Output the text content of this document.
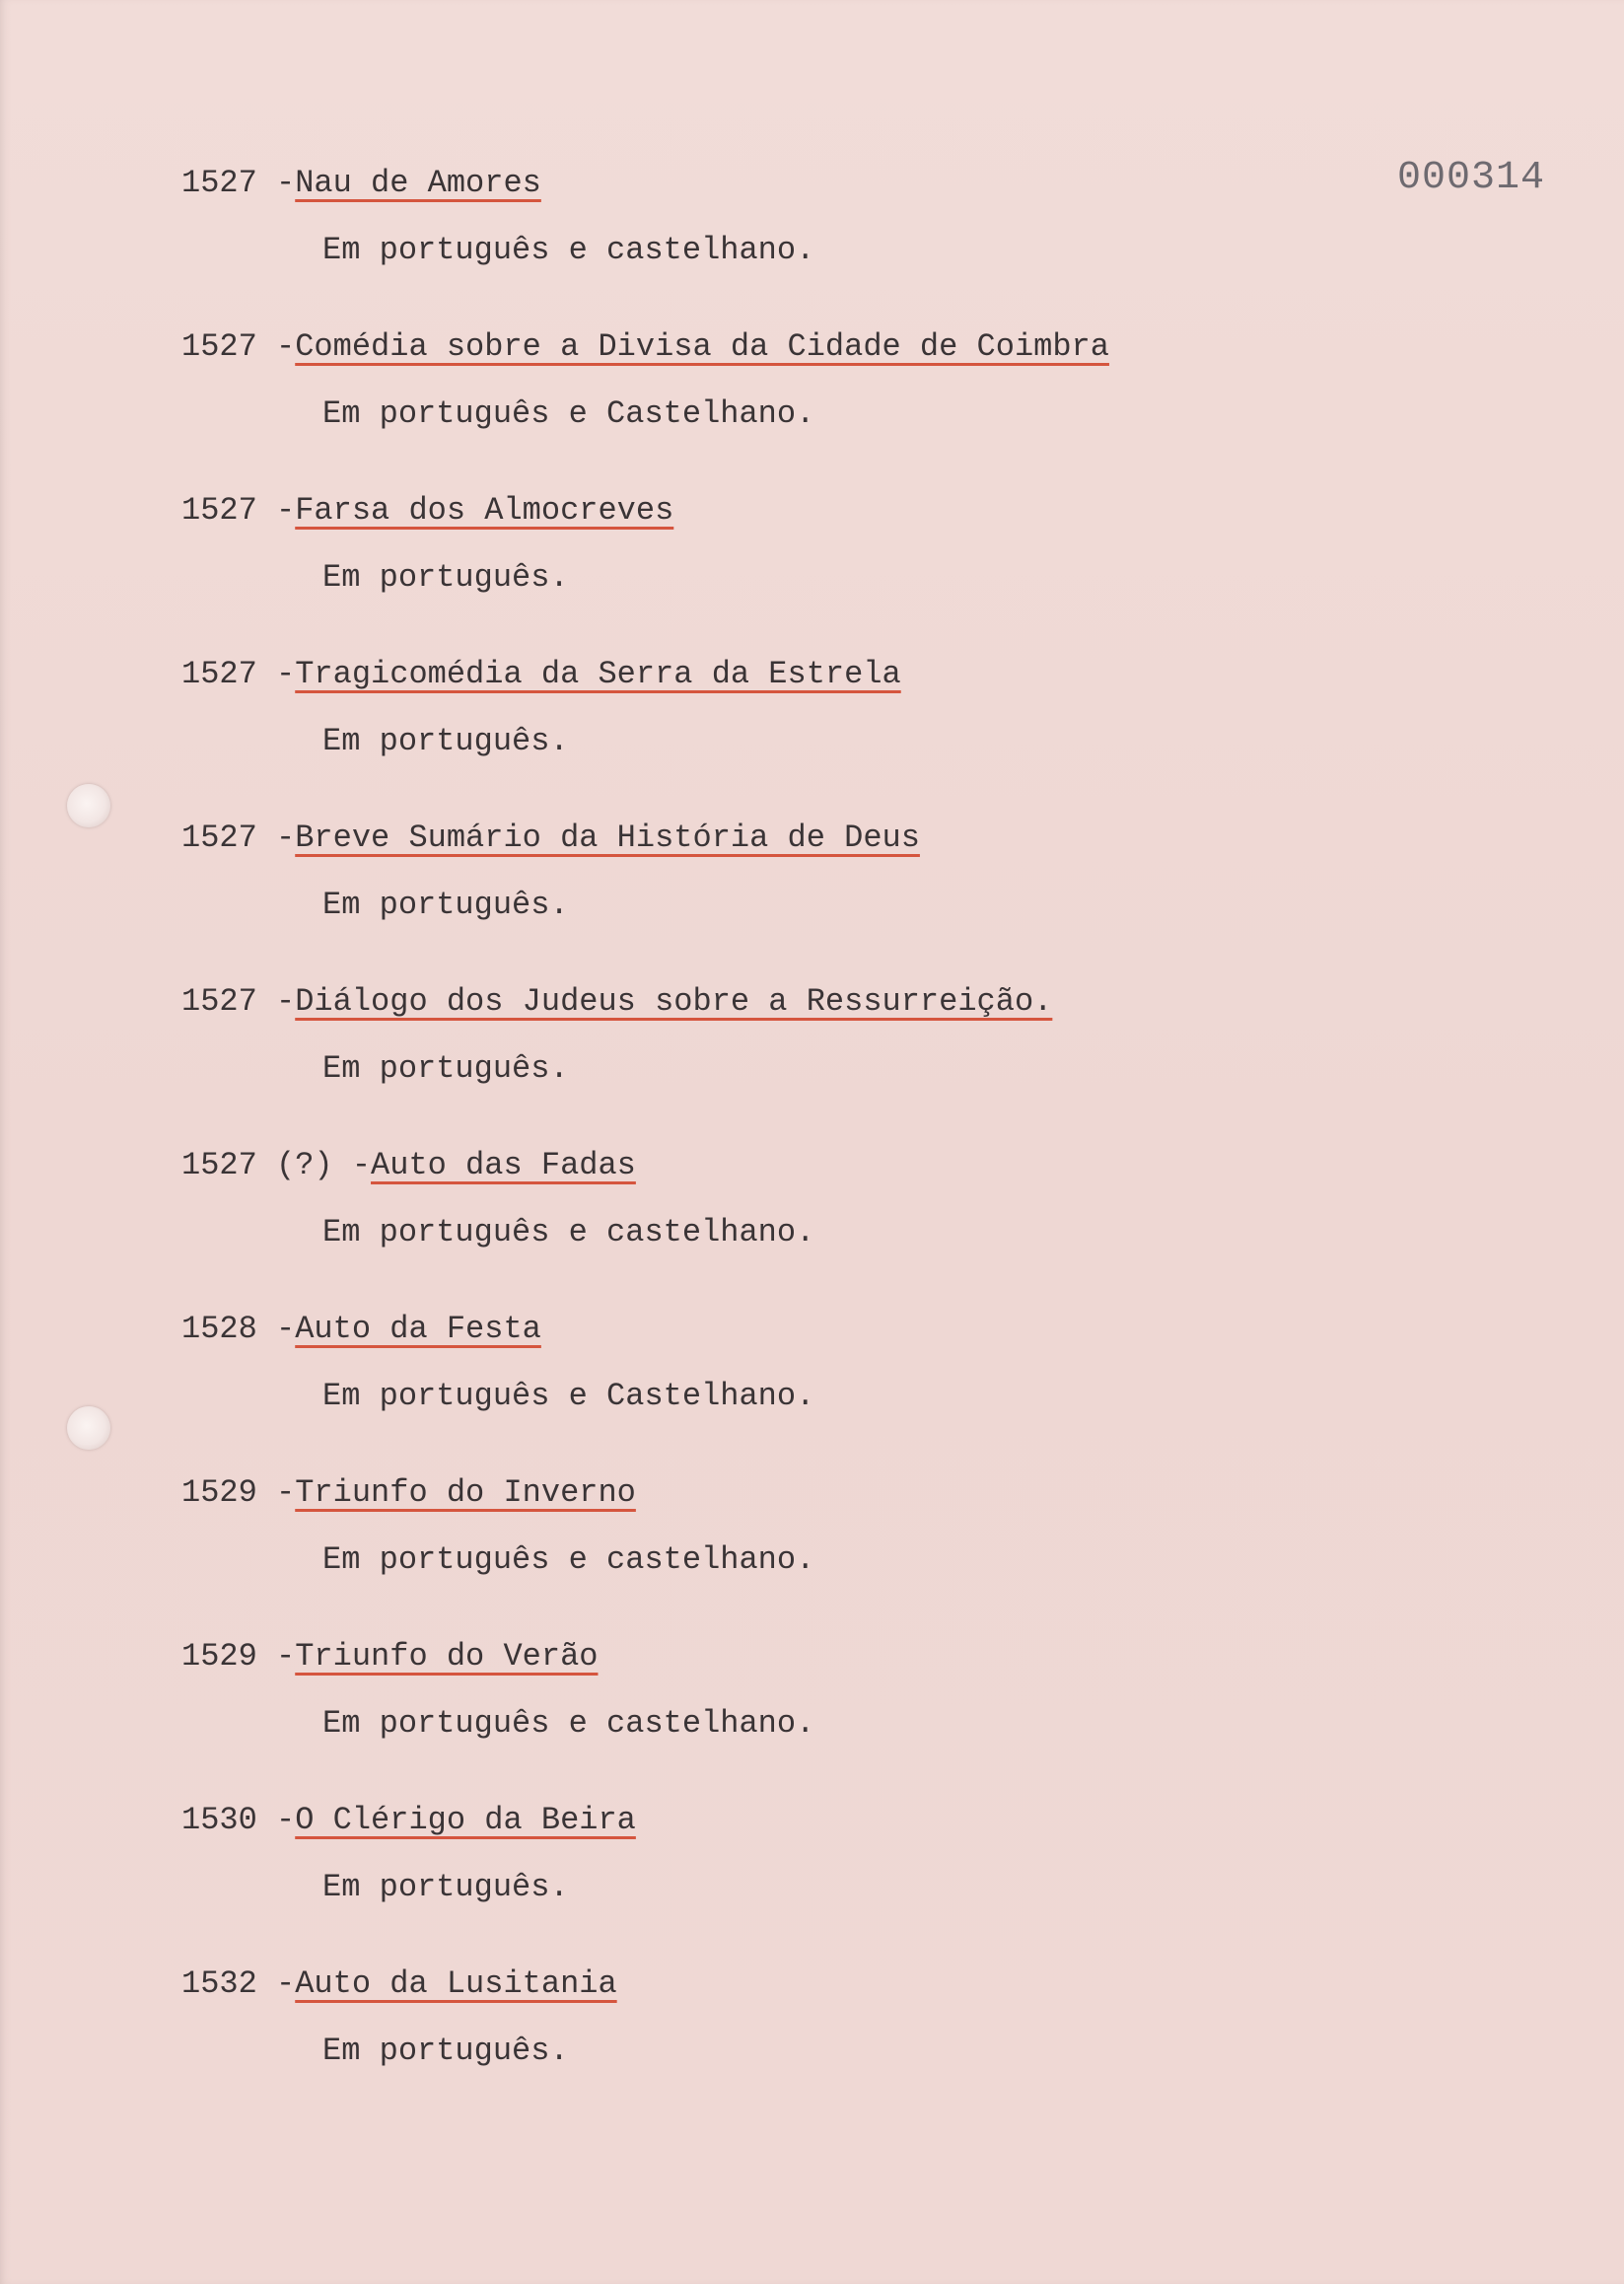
000314
1527 - Nau de Amores
Em português e castelhano.
1527 - Comédia sobre a Divisa da Cidade de Coimbra
Em português e Castelhano.
1527 - Farsa dos Almocreves
Em português.
1527 - Tragicomédia da Serra da Estrela
Em português.
1527 - Breve Sumário da História de Deus
Em português.
1527 - Diálogo dos Judeus sobre a Ressurreição.
Em português.
1527 (?) - Auto das Fadas
Em português e castelhano.
1528 - Auto da Festa
Em português e Castelhano.
1529 - Triunfo do Inverno
Em português e castelhano.
1529 - Triunfo do Verão
Em português e castelhano.
1530 - O Clérigo da Beira
Em português.
1532 - Auto da Lusitania
Em português.
